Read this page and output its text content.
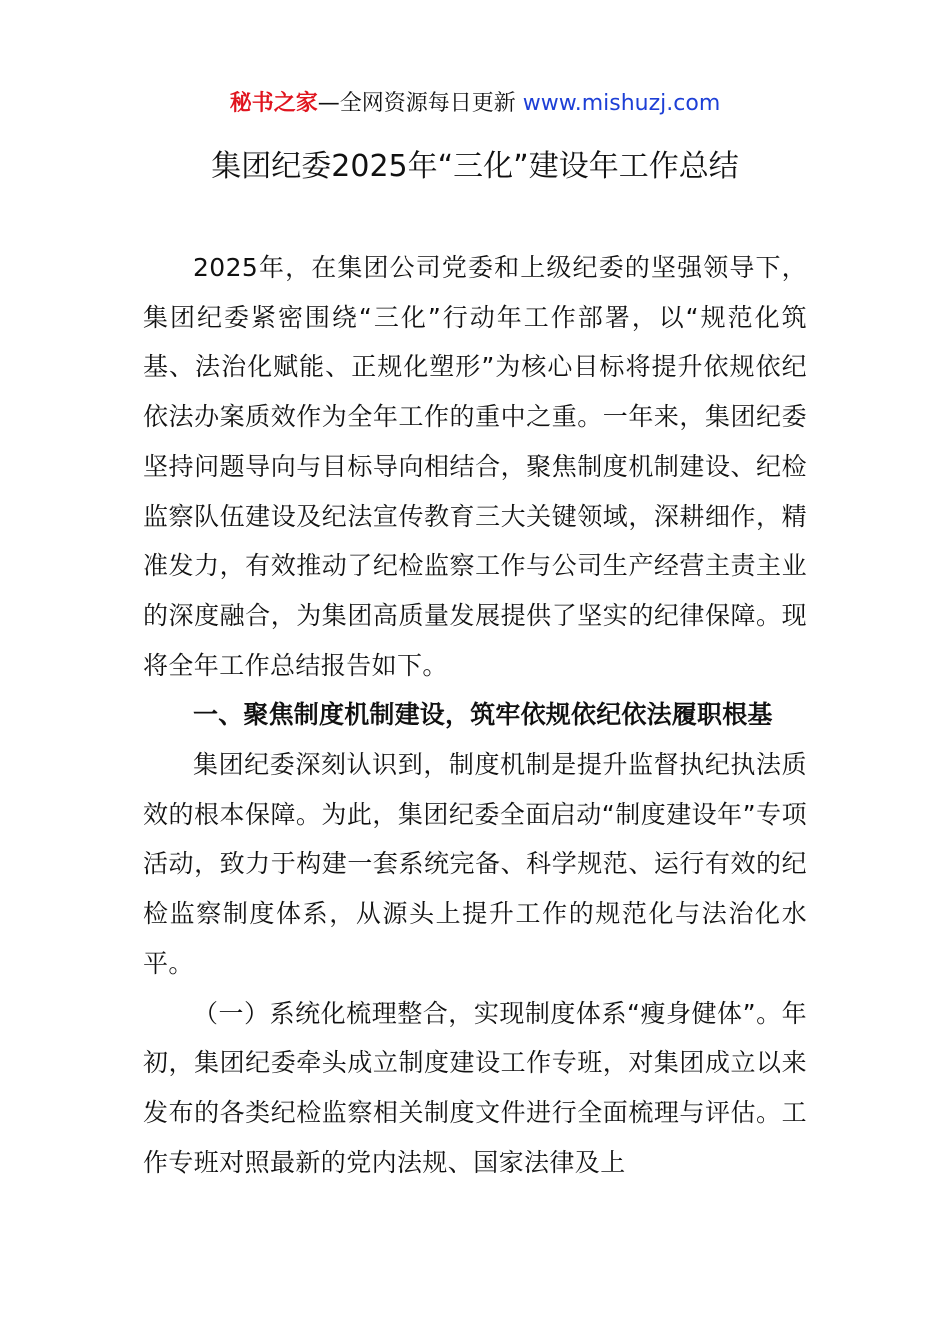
秘书之家—全网资源每日更新 www.mishuzj.com
集团纪委2025年“三化”建设年工作总结

2025年，在集团公司党委和上级纪委的坚强领导下，集团纪委紧密围绕“三化”行动年工作部署，以“规范化筑基、法治化赋能、正规化塑形”为核心目标将提升依规依纪依法办案质效作为全年工作的重中之重。一年来，集团纪委坚持问题导向与目标导向相结合，聚焦制度机制建设、纪检监察队伍建设及纪法宣传教育三大关键领域，深耕细作，精准发力，有效推动了纪检监察工作与公司生产经营主责主业的深度融合，为集团高质量发展提供了坚实的纪律保障。现将全年工作总结报告如下。

一、聚焦制度机制建设，筑牢依规依纪依法履职根基

集团纪委深刻认识到，制度机制是提升监督执纪执法质效的根本保障。为此，集团纪委全面启动“制度建设年”专项活动，致力于构建一套系统完备、科学规范、运行有效的纪检监察制度体系，从源头上提升工作的规范化与法治化水平。

（一）系统化梳理整合，实现制度体系“瘦身健体”。年初，集团纪委牵头成立制度建设工作专班，对集团成立以来发布的各类纪检监察相关制度文件进行全面梳理与评估。工作专班对照最新的党内法规、国家法律及上
